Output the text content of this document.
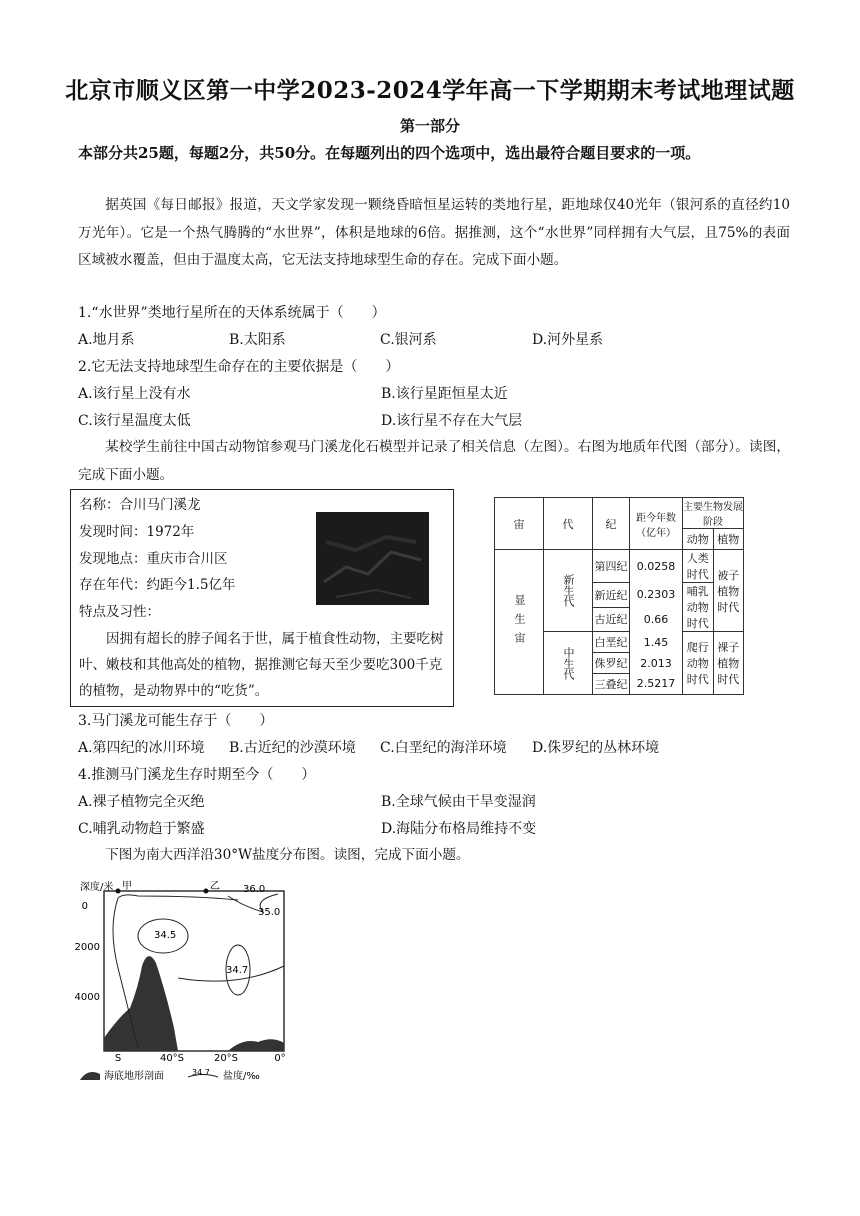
北京市顺义区第一中学2023-2024学年高一下学期期末考试地理试题
第一部分
本部分共25题，每题2分，共50分。在每题列出的四个选项中，选出最符合题目要求的一项。
据英国《每日邮报》报道，天文学家发现一颗绕昏暗恒星运转的类地行星，距地球仅40光年（银河系的直径约10万光年）。它是一个热气腾腾的“水世界”，体积是地球的6倍。据推测，这个“水世界”同样拥有大气层，且75%的表面区域被水覆盖，但由于温度太高，它无法支持地球型生命的存在。完成下面小题。
1.“水世界”类地行星所在的天体系统属于（　　）
A.地月系	B.太阳系	C.银河系	D.河外星系
2.它无法支持地球型生命存在的主要依据是（　　）
A.该行星上没有水	B.该行星距恒星太近
C.该行星温度太低	D.该行星不存在大气层
某校学生前往中国古动物馆参观马门溪龙化石模型并记录了相关信息（左图）。右图为地质年代图（部分）。读图，完成下面小题。
名称：合川马门溪龙
发现时间：1972年
发现地点：重庆市合川区
存在年代：约距今1.5亿年
特点及习性：
因拥有超长的脖子闻名于世，属于植食性动物，主要吃树叶、嫩枝和其他高处的植物，据推测它每天至少要吃300千克的植物，是动物界中的“吃货”。
宙	代	纪	距今年数（亿年）	主要生物发展阶段	
				动物	植物
显生宙	新生代	第四纪	0.0258	人类时代	被子植物时代
		新近纪	0.2303	哺乳动物时代	
		古近纪	0.66		
	中生代	白垩纪	1.45	爬行动物时代	裸子植物时代
		侏罗纪	2.013		
		三叠纪	2.5217		
3.马门溪龙可能生存于（　　）
A.第四纪的冰川环境 B.古近纪的沙漠环境 C.白垩纪的海洋环境 D.侏罗纪的丛林环境
4.推测马门溪龙生存时期至今（　　）
A.裸子植物完全灭绝	B.全球气候由干旱变湿润
C.哺乳动物趋于繁盛	D.海陆分布格局维持不变
下图为南大西洋沿30°W盐度分布图。读图，完成下面小题。
深度/米
0
2000
4000
甲	乙 36.0
35.0
34.5
34.7
S	40°S	20°S	0°
海底地形剖面	34.7 盐度/‰
